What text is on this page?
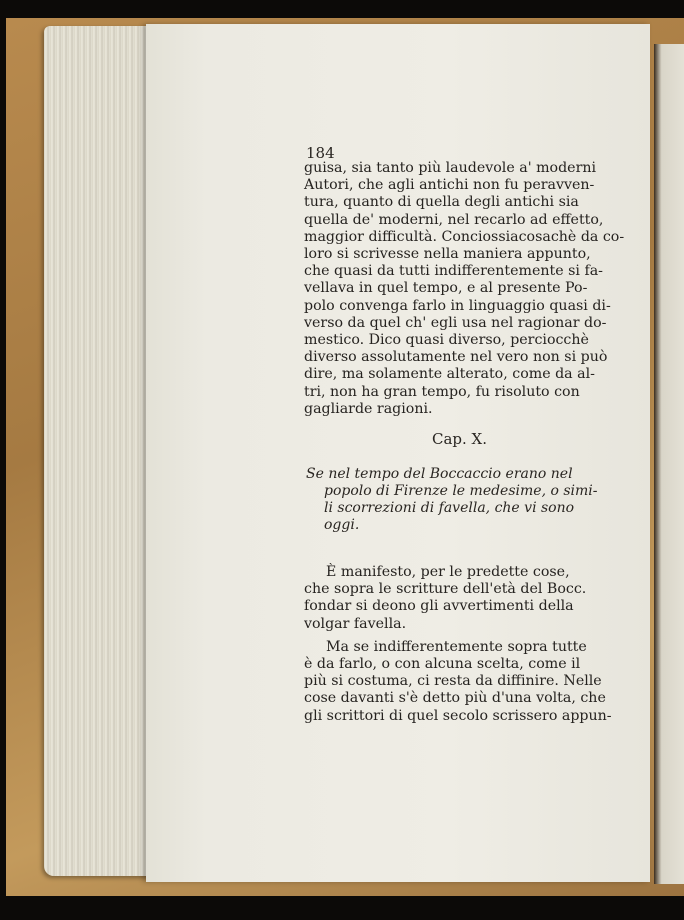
184
guisa, sia tanto più laudevole a' moderni
Autori, che agli antichi non fu peravven-
tura, quanto di quella degli antichi sia
quella de' moderni, nel recarlo ad effetto,
maggior difficultà. Conciossiacosachè da co-
loro si scrivesse nella maniera appunto,
che quasi da tutti indifferentemente si fa-
vellava in quel tempo, e al presente Po-
polo convenga farlo in linguaggio quasi di-
verso da quel ch' egli usa nel ragionar do-
mestico. Dico quasi diverso, perciocchè
diverso assolutamente nel vero non si può
dire, ma solamente alterato, come da al-
tri, non ha gran tempo, fu risoluto con
gagliarde ragioni.
Cap. X.
Se nel tempo del Boccaccio erano nel
popolo di Firenze le medesime, o simi-
li scorrezioni di favella, che vi sono
oggi.
È manifesto, per le predette cose,
che sopra le scritture dell'età del Bocc.
fondar si deono gli avvertimenti della
volgar favella.
Ma se indifferentemente sopra tutte
è da farlo, o con alcuna scelta, come il
più si costuma, ci resta da diffinire. Nelle
cose davanti s'è detto più d'una volta, che
gli scrittori di quel secolo scrissero appun-
